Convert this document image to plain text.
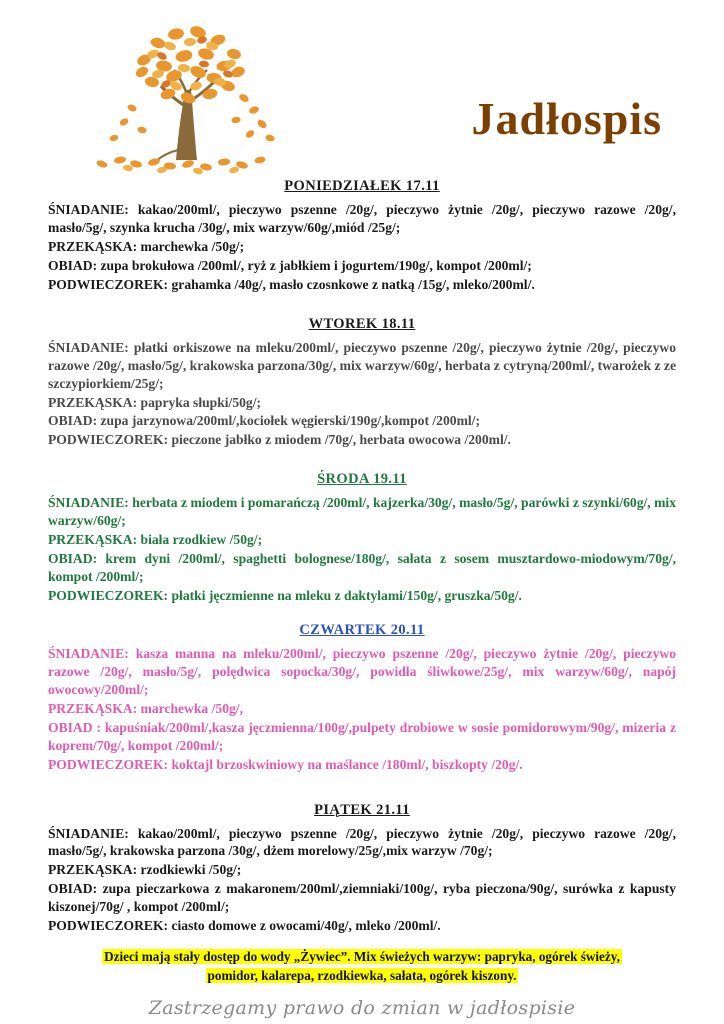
Jadłospis
PONIEDZIAŁEK 17.11
ŚNIADANIE: kakao/200ml/, pieczywo pszenne /20g/, pieczywo żytnie /20g/, pieczywo razowe /20g/, masło/5g/, szynka krucha /30g/, mix warzyw/60g/,miód /25g/;
PRZEKĄSKA: marchewka /50g/;
OBIAD: zupa brokułowa /200ml/, ryż z jabłkiem i jogurtem/190g/, kompot /200ml/;
PODWIECZOREK: grahamka /40g/, masło czosnkowe z natką /15g/, mleko/200ml/.
WTOREK 18.11
ŚNIADANIE: płatki orkiszowe na mleku/200ml/, pieczywo pszenne /20g/, pieczywo żytnie /20g/, pieczywo razowe /20g/, masło/5g/, krakowska parzona/30g/, mix warzyw/60g/, herbata z cytryną/200ml/, twarożek z ze szczypiorkiem/25g/;
PRZEKĄSKA: papryka słupki/50g/;
OBIAD: zupa jarzynowa/200ml/,kociołek węgierski/190g/,kompot /200ml/;
PODWIECZOREK: pieczone jabłko z miodem /70g/, herbata owocowa /200ml/.
ŚRODA 19.11
ŚNIADANIE: herbata z miodem i pomarańczą /200ml/, kajzerka/30g/, masło/5g/, parówki z szynki/60g/, mix warzyw/60g/;
PRZEKĄSKA: biała rzodkiew /50g/;
OBIAD: krem dyni /200ml/, spaghetti bolognese/180g/, sałata z sosem musztardowo-miodowym/70g/, kompot /200ml/;
PODWIECZOREK: płatki jęczmienne na mleku z daktylami/150g/, gruszka/50g/.
CZWARTEK 20.11
ŚNIADANIE: kasza manna na mleku/200ml/, pieczywo pszenne /20g/, pieczywo żytnie /20g/, pieczywo razowe /20g/, masło/5g/, polędwica sopocka/30g/, powidła śliwkowe/25g/, mix warzyw/60g/, napój owocowy/200ml/;
PRZEKĄSKA: marchewka /50g/,
OBIAD : kapuśniak/200ml/,kasza jęczmienna/100g/,pulpety drobiowe w sosie pomidorowym/90g/, mizeria z koprem/70g/, kompot /200ml/;
PODWIECZOREK: koktajl brzoskwiniowy na maślance /180ml/, biszkopty /20g/.
PIĄTEK 21.11
ŚNIADANIE: kakao/200ml/, pieczywo pszenne /20g/, pieczywo żytnie /20g/, pieczywo razowe /20g/, masło/5g/, krakowska parzona /30g/, dżem morelowy/25g/,mix warzyw /70g/;
PRZEKĄSKA: rzodkiewki /50g/;
OBIAD: zupa pieczarkowa z makaronem/200ml/,ziemniaki/100g/, ryba pieczona/90g/, surówka z kapusty kiszonej/70g/ , kompot /200ml/;
PODWIECZOREK: ciasto domowe z owocami/40g/, mleko /200ml/.
Dzieci mają stały dostęp do wody „Żywiec”. Mix świeżych warzyw: papryka, ogórek świeży,
pomidor, kalarepa, rzodkiewka, sałata, ogórek kiszony.
Zastrzegamy prawo do zmian w jadłospisie
